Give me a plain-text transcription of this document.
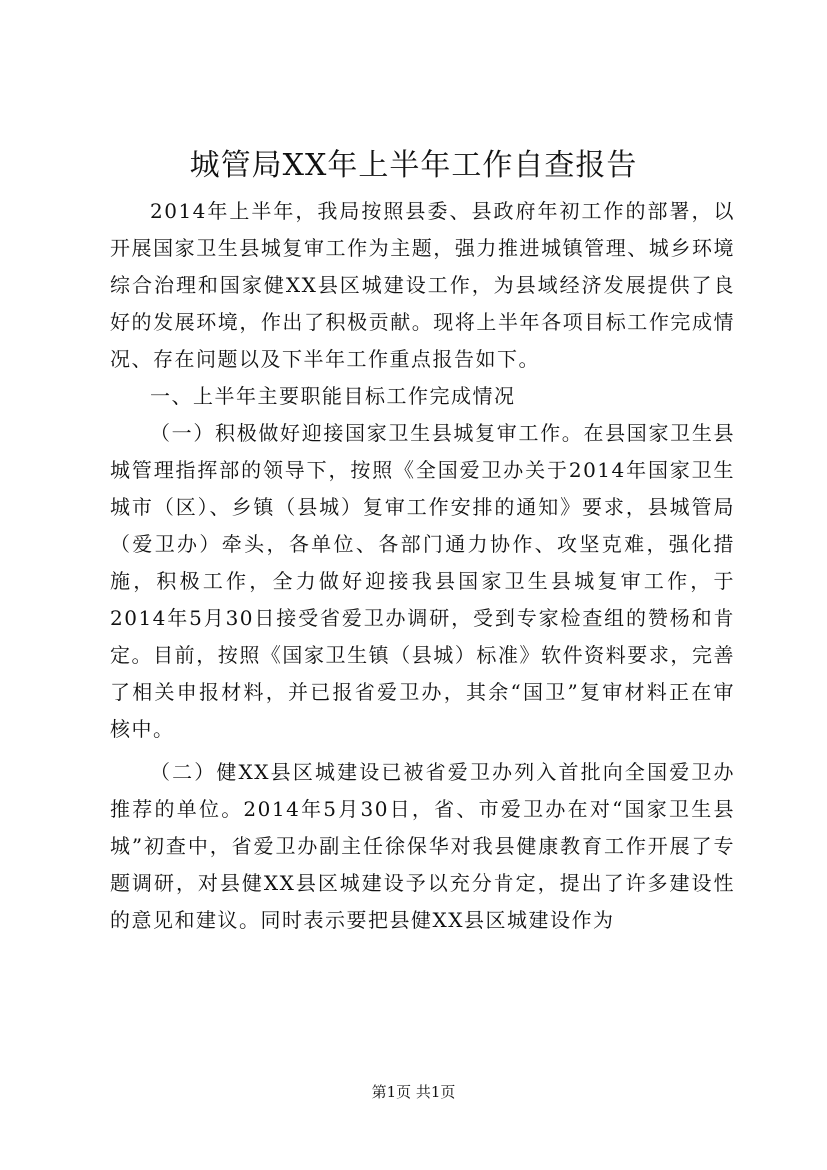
城管局XX年上半年工作自查报告

2014年上半年，我局按照县委、县政府年初工作的部署，以开展国家卫生县城复审工作为主题，强力推进城镇管理、城乡环境综合治理和国家健XX县区城建设工作，为县域经济发展提供了良好的发展环境，作出了积极贡献。现将上半年各项目标工作完成情况、存在问题以及下半年工作重点报告如下。

一、上半年主要职能目标工作完成情况

（一）积极做好迎接国家卫生县城复审工作。在县国家卫生县城管理指挥部的领导下，按照《全国爱卫办关于2014年国家卫生城市（区）、乡镇（县城）复审工作安排的通知》要求，县城管局（爱卫办）牵头，各单位、各部门通力协作、攻坚克难，强化措施，积极工作，全力做好迎接我县国家卫生县城复审工作，于2014年5月30日接受省爱卫办调研，受到专家检查组的赞杨和肯定。目前，按照《国家卫生镇（县城）标准》软件资料要求，完善了相关申报材料，并已报省爱卫办，其余“国卫”复审材料正在审核中。

（二）健XX县区城建设已被省爱卫办列入首批向全国爱卫办推荐的单位。2014年5月30日，省、市爱卫办在对“国家卫生县城”初查中，省爱卫办副主任徐保华对我县健康教育工作开展了专题调研，对县健XX县区城建设予以充分肯定，提出了许多建设性的意见和建议。同时表示要把县健XX县区城建设作为

第1页 共1页
